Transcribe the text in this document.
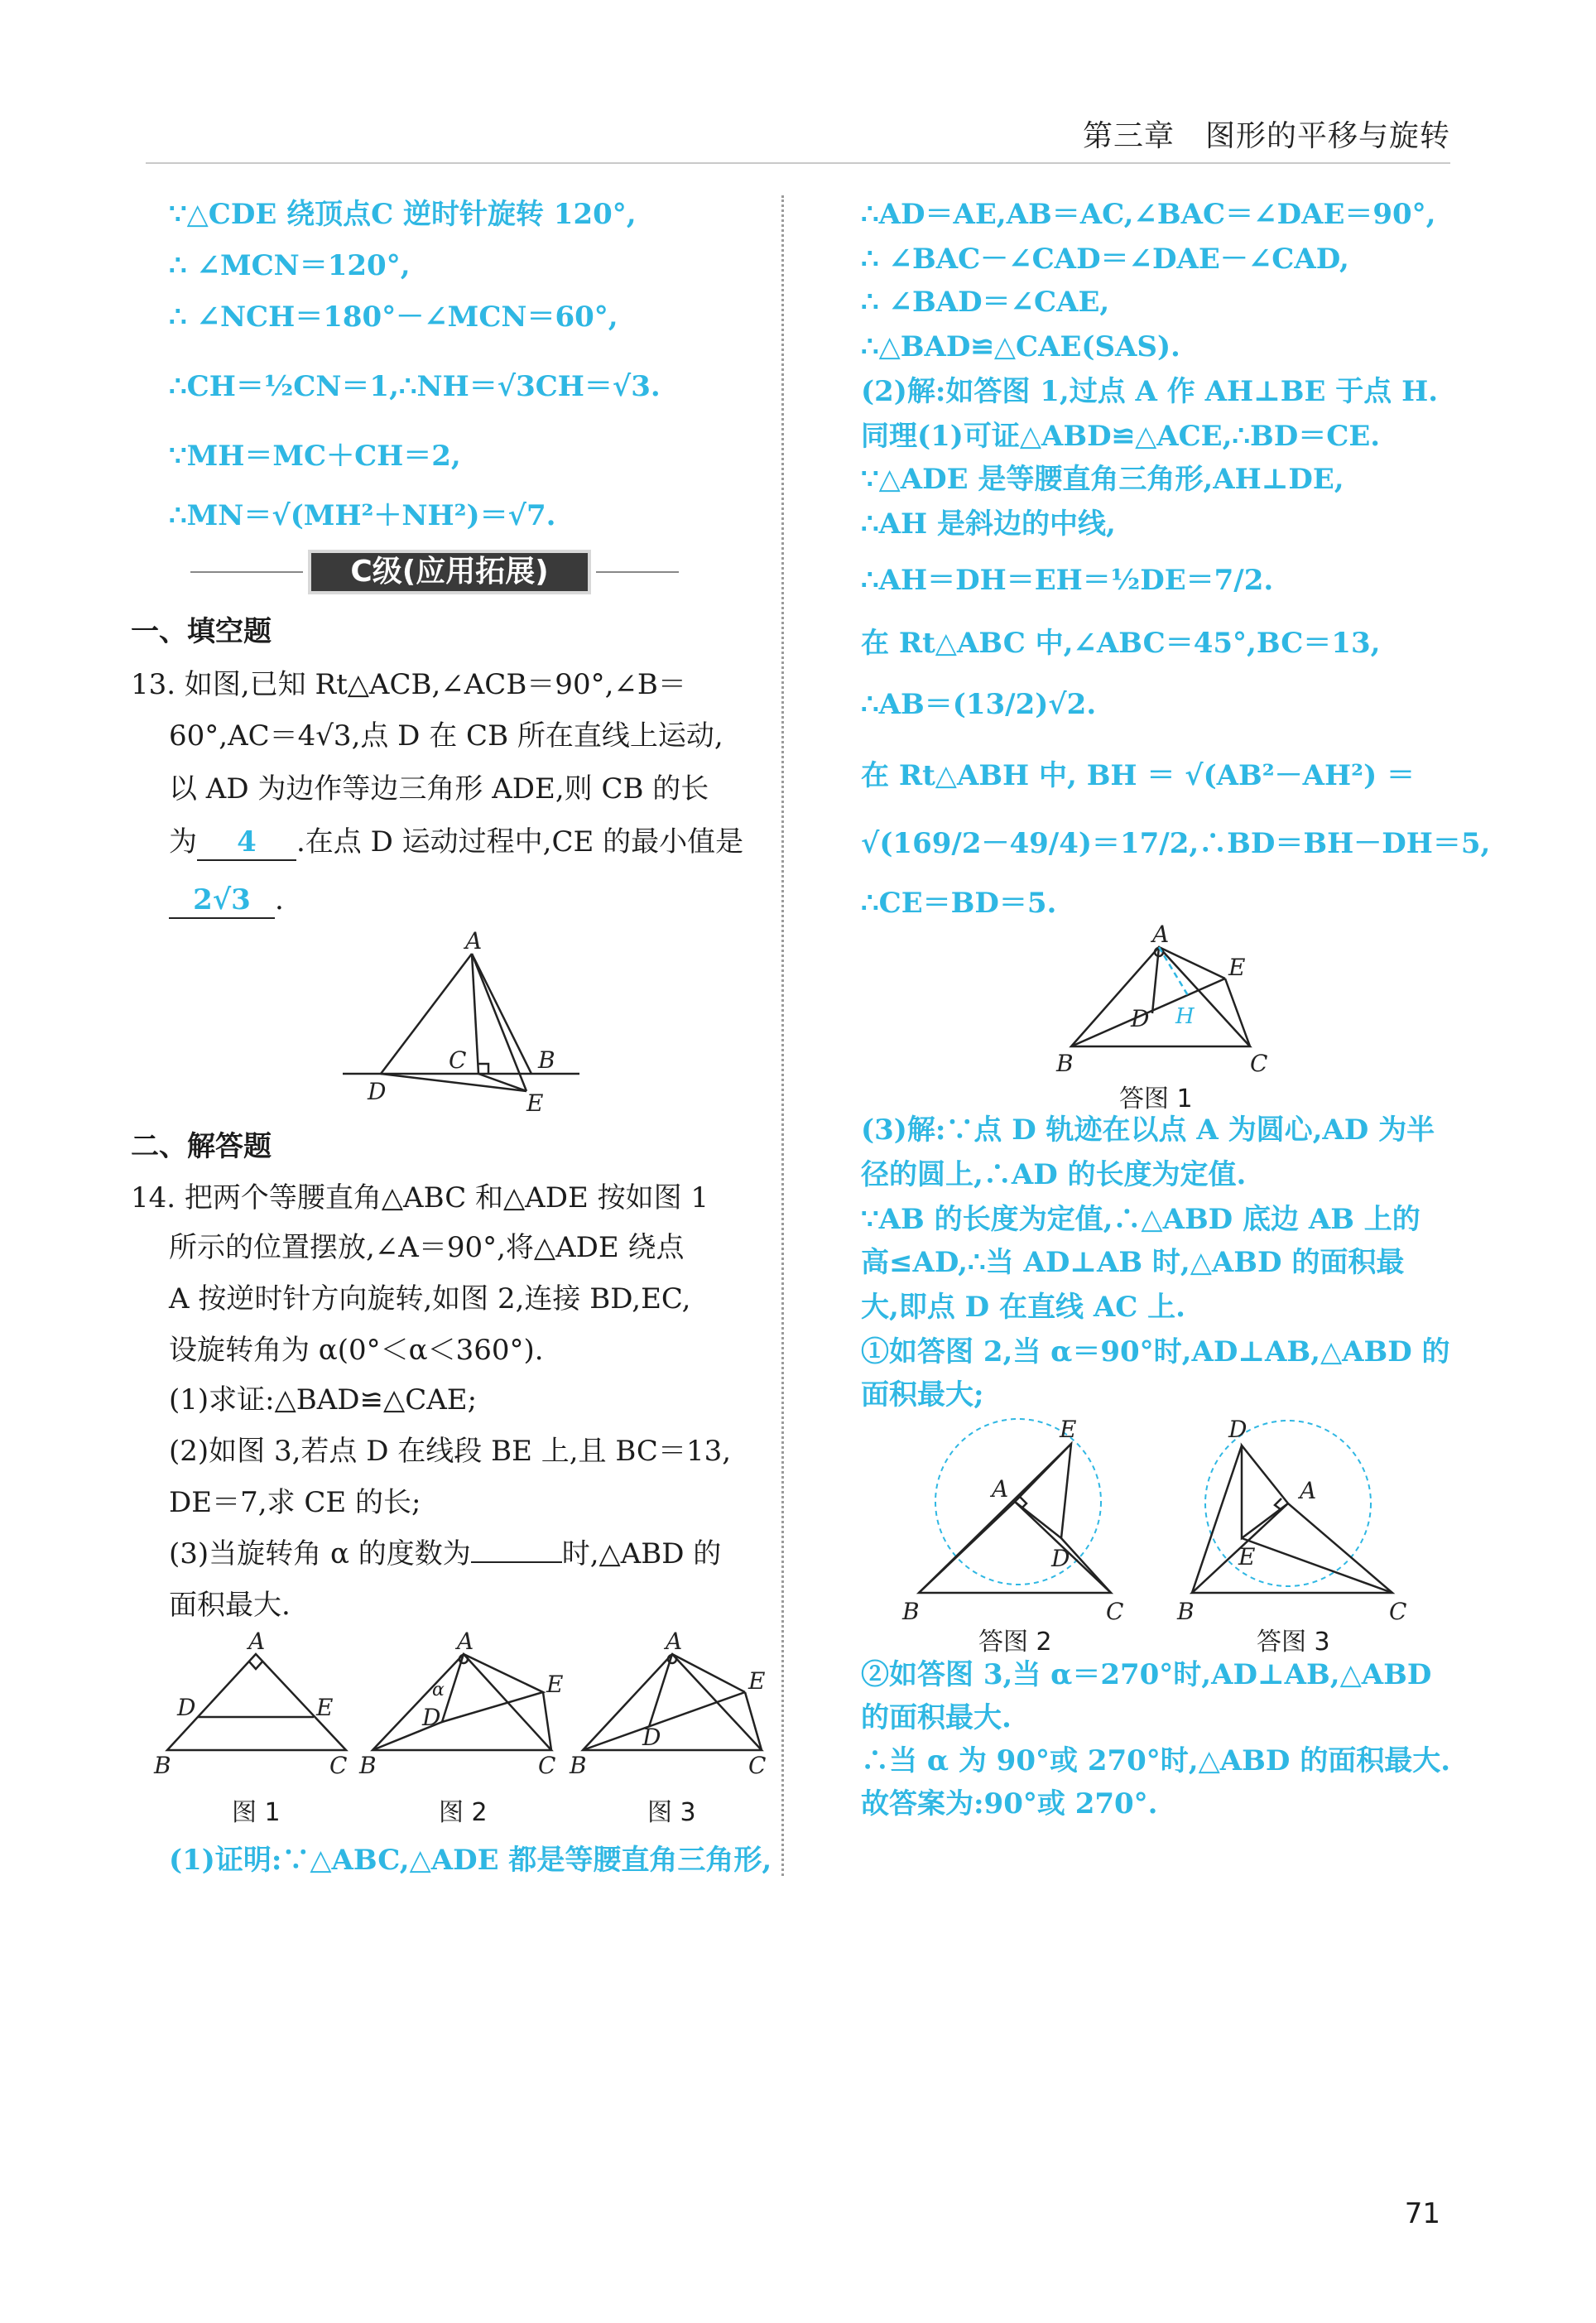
第三章　图形的平移与旋转
∵△CDE 绕顶点C 逆时针旋转 120°,
∴ ∠MCN＝120°,
∴ ∠NCH＝180°－∠MCN＝60°,
∴CH＝½CN＝1,∴NH＝√3CH＝√3.
∵MH＝MC＋CH＝2,
∴MN＝√(MH²＋NH²)＝√7.
C级(应用拓展)
一、填空题
13. 如图,已知 Rt△ACB,∠ACB＝90°,∠B＝
60°,AC＝4√3,点 D 在 CB 所在直线上运动,
以 AD 为边作等边三角形 ADE,则 CB 的长
为 4 .在点 D 运动过程中,CE 的最小值是
2√3 .
A
C	B
D	E
二、解答题
14. 把两个等腰直角△ABC 和△ADE 按如图 1
所示的位置摆放,∠A＝90°,将△ADE 绕点
A 按逆时针方向旋转,如图 2,连接 BD,EC,
设旋转角为 α(0°＜α＜360°).
(1)求证:△BAD≌△CAE;
(2)如图 3,若点 D 在线段 BE 上,且 BC＝13,
DE＝7,求 CE 的长;
(3)当旋转角 α 的度数为	时,△ABD 的
面积最大.
A
B	C
D	E
A
B	C
D
E
α
A
B	C
D
E
图 1	图 2	图 3
(1)证明:∵△ABC,△ADE 都是等腰直角三角形,
∴AD＝AE,AB＝AC,∠BAC＝∠DAE＝90°,
∴ ∠BAC－∠CAD＝∠DAE－∠CAD,
∴ ∠BAD＝∠CAE,
∴△BAD≌△CAE(SAS).
(2)解:如答图 1,过点 A 作 AH⊥BE 于点 H.
同理(1)可证△ABD≌△ACE,∴BD＝CE.
∵△ADE 是等腰直角三角形,AH⊥DE,
∴AH 是斜边的中线,
∴AH＝DH＝EH＝½DE＝7/2.
在 Rt△ABC 中,∠ABC＝45°,BC＝13,
∴AB＝(13/2)√2.
在 Rt△ABH 中, BH ＝ √(AB²－AH²) ＝
√(169/2－49/4)＝17/2,∴BD＝BH－DH＝5,
∴CE＝BD＝5.
A
E
D
B	C
H
答图 1
(3)解:∵点 D 轨迹在以点 A 为圆心,AD 为半
径的圆上,∴AD 的长度为定值.
∵AB 的长度为定值,∴△ABD 底边 AB 上的
高≤AD,∴当 AD⊥AB 时,△ABD 的面积最
大,即点 D 在直线 AC 上.
①如答图 2,当 α＝90°时,AD⊥AB,△ABD 的
面积最大;
E
A
D
B	C
D
A
E
B	C
答图 2	答图 3
②如答图 3,当 α＝270°时,AD⊥AB,△ABD
的面积最大.
∴当 α 为 90°或 270°时,△ABD 的面积最大.
故答案为:90°或 270°.
71
